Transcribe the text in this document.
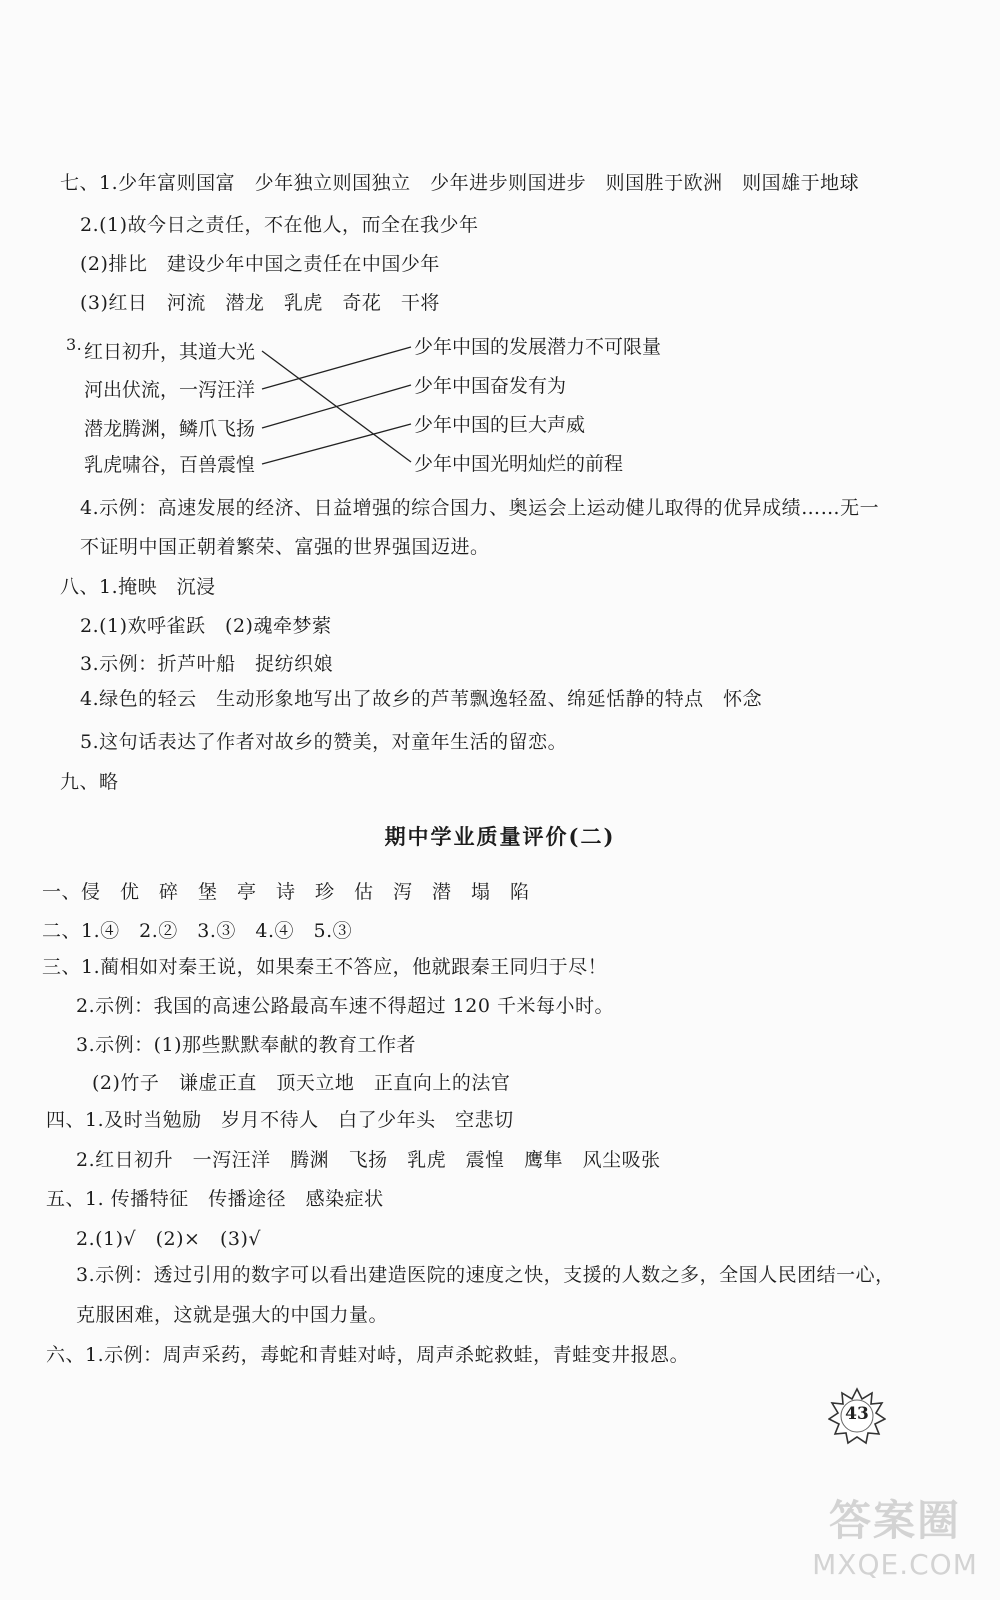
七、1.少年富则国富　少年独立则国独立　少年进步则国进步　则国胜于欧洲　则国雄于地球
2.(1)故今日之责任，不在他人，而全在我少年
(2)排比　建设少年中国之责任在中国少年
(3)红日　河流　潜龙　乳虎　奇花　干将
3. 红日初升，其道大光
河出伏流，一泻汪洋
潜龙腾渊，鳞爪飞扬
乳虎啸谷，百兽震惶
少年中国的发展潜力不可限量
少年中国奋发有为
少年中国的巨大声威
少年中国光明灿烂的前程
4.示例：高速发展的经济、日益增强的综合国力、奥运会上运动健儿取得的优异成绩……无一
不证明中国正朝着繁荣、富强的世界强国迈进。
八、1.掩映　沉浸
2.(1)欢呼雀跃　(2)魂牵梦萦
3.示例：折芦叶船　捉纺织娘
4.绿色的轻云　生动形象地写出了故乡的芦苇飘逸轻盈、绵延恬静的特点　怀念
5.这句话表达了作者对故乡的赞美，对童年生活的留恋。
九、略
期中学业质量评价(二)
一、侵　优　碎　堡　亭　诗　珍　估　泻　潜　塌　陷
二、1.④　2.②　3.③　4.④　5.③
三、1.蔺相如对秦王说，如果秦王不答应，他就跟秦王同归于尽！
2.示例：我国的高速公路最高车速不得超过 120 千米每小时。
3.示例：(1)那些默默奉献的教育工作者
(2)竹子　谦虚正直　顶天立地　正直向上的法官
四、1.及时当勉励　岁月不待人　白了少年头　空悲切
2.红日初升　一泻汪洋　腾渊　飞扬　乳虎　震惶　鹰隼　风尘吸张
五、1. 传播特征　传播途径　感染症状
2.(1)√　(2)×　(3)√
3.示例：透过引用的数字可以看出建造医院的速度之快，支援的人数之多，全国人民团结一心，
克服困难，这就是强大的中国力量。
六、1.示例：周声采药，毒蛇和青蛙对峙，周声杀蛇救蛙，青蛙变井报恩。
43
答案圈
MXQE.COM
